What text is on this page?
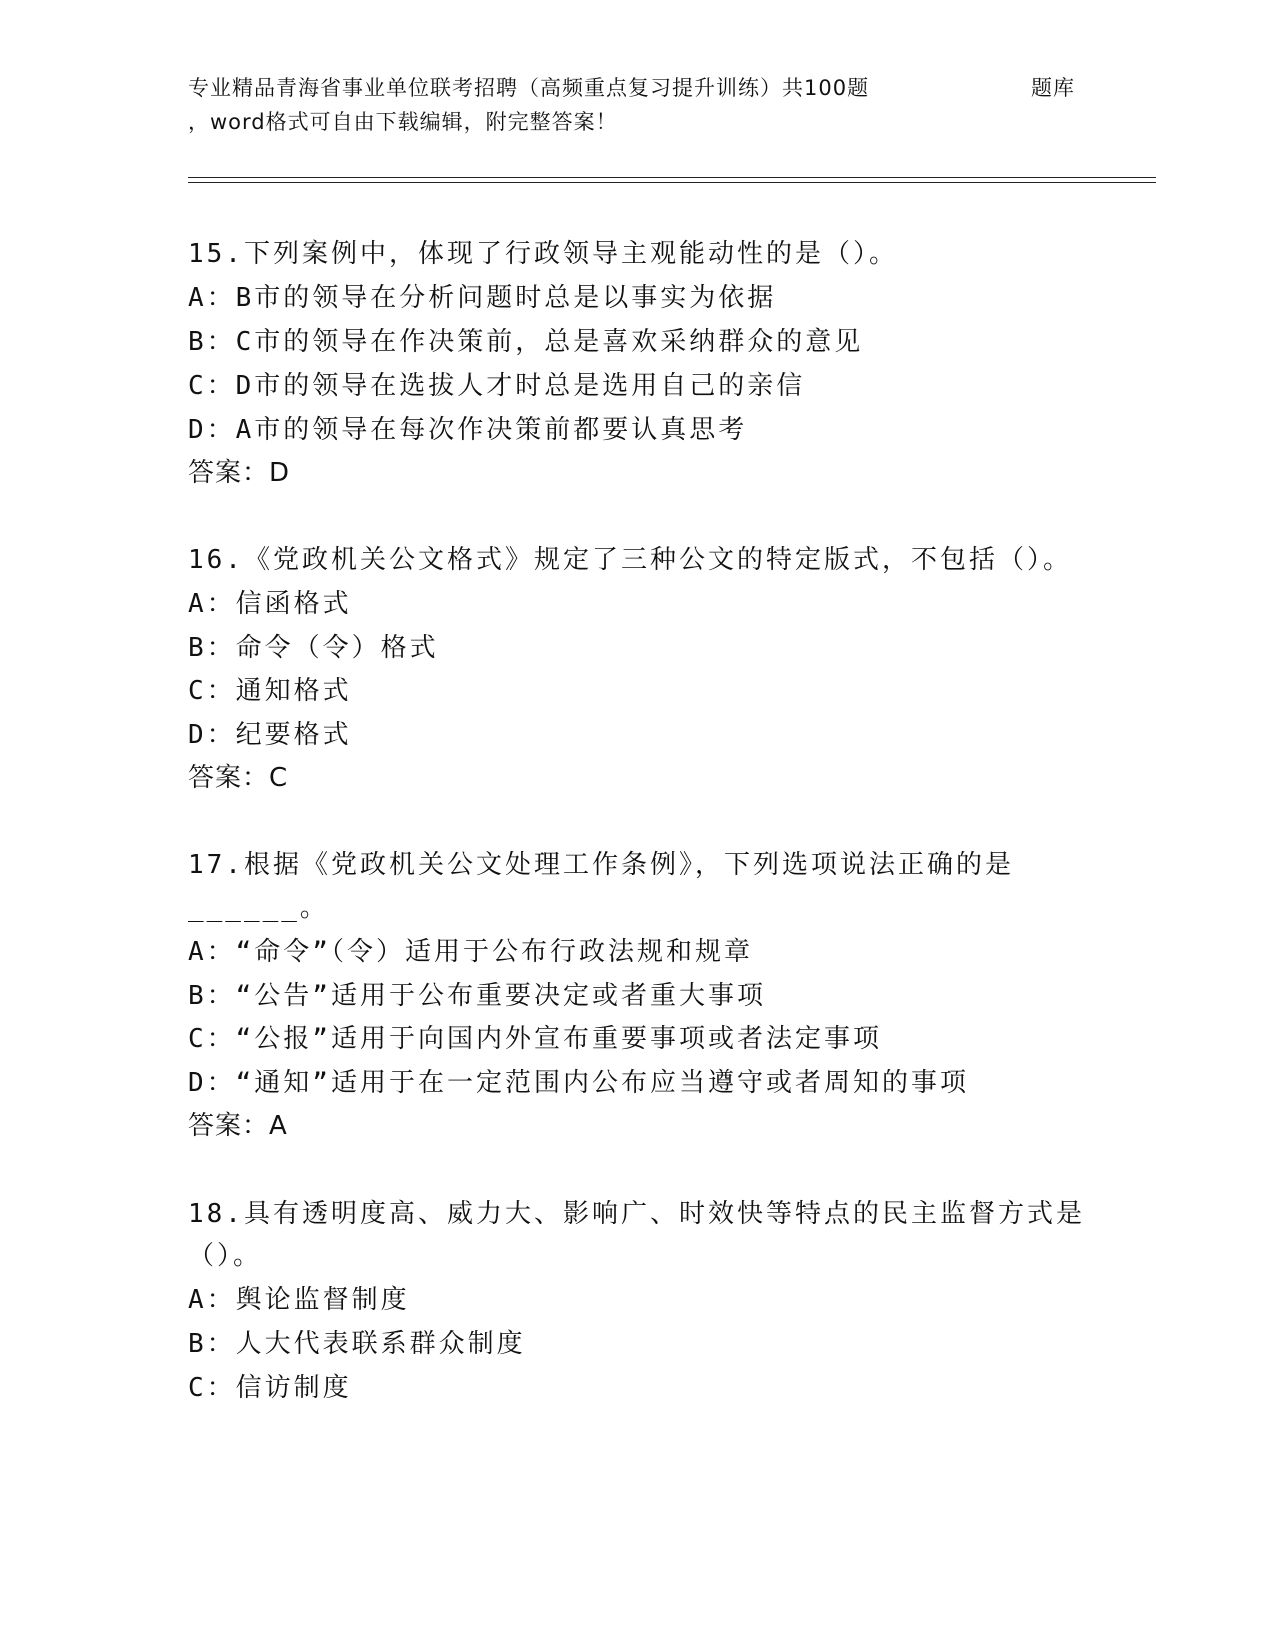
专业精品青海省事业单位联考招聘（高频重点复习提升训练）共100题	题库
，word格式可自由下载编辑，附完整答案！
15.下列案例中，体现了行政领导主观能动性的是（）。
A：B市的领导在分析问题时总是以事实为依据
B：C市的领导在作决策前，总是喜欢采纳群众的意见
C：D市的领导在选拔人才时总是选用自己的亲信
D：A市的领导在每次作决策前都要认真思考
答案：D
16.《党政机关公文格式》规定了三种公文的特定版式，不包括（）。
A：信函格式
B：命令（令）格式
C：通知格式
D：纪要格式
答案：C
17.根据《党政机关公文处理工作条例》，下列选项说法正确的是
______。
A：“命令”（令）适用于公布行政法规和规章
B：“公告”适用于公布重要决定或者重大事项
C：“公报”适用于向国内外宣布重要事项或者法定事项
D：“通知”适用于在一定范围内公布应当遵守或者周知的事项
答案：A
18.具有透明度高、威力大、影响广、时效快等特点的民主监督方式是
（）。
A：舆论监督制度
B：人大代表联系群众制度
C：信访制度
